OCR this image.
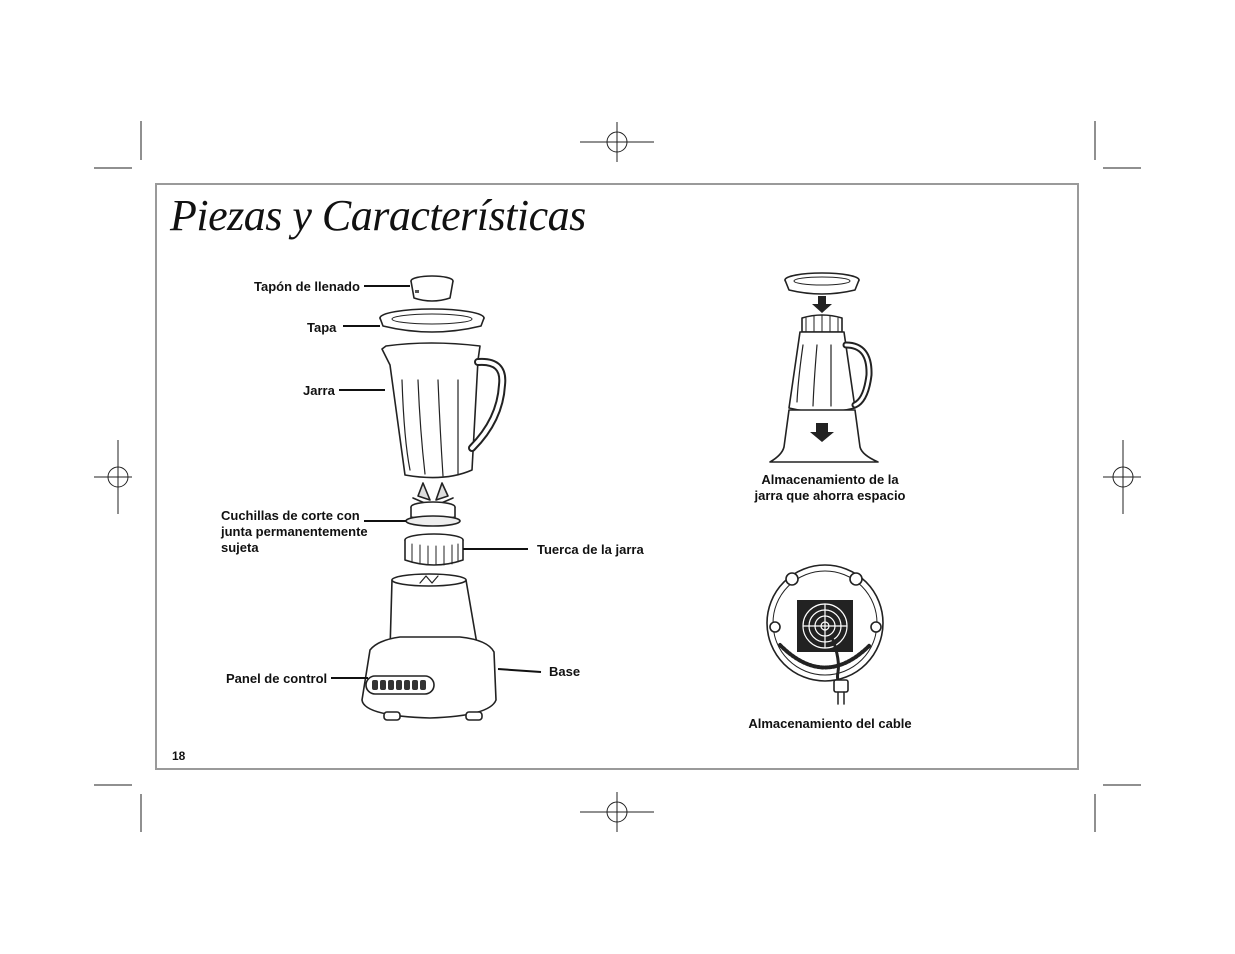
Piezas y Características
Tapón de llenado
Tapa
Jarra
Cuchillas de corte con
junta permanentemente
sujeta	Tuerca de la jarra
Base
Panel de control
Almacenamiento de la
jarra que ahorra espacio
Almacenamiento del cable
18
